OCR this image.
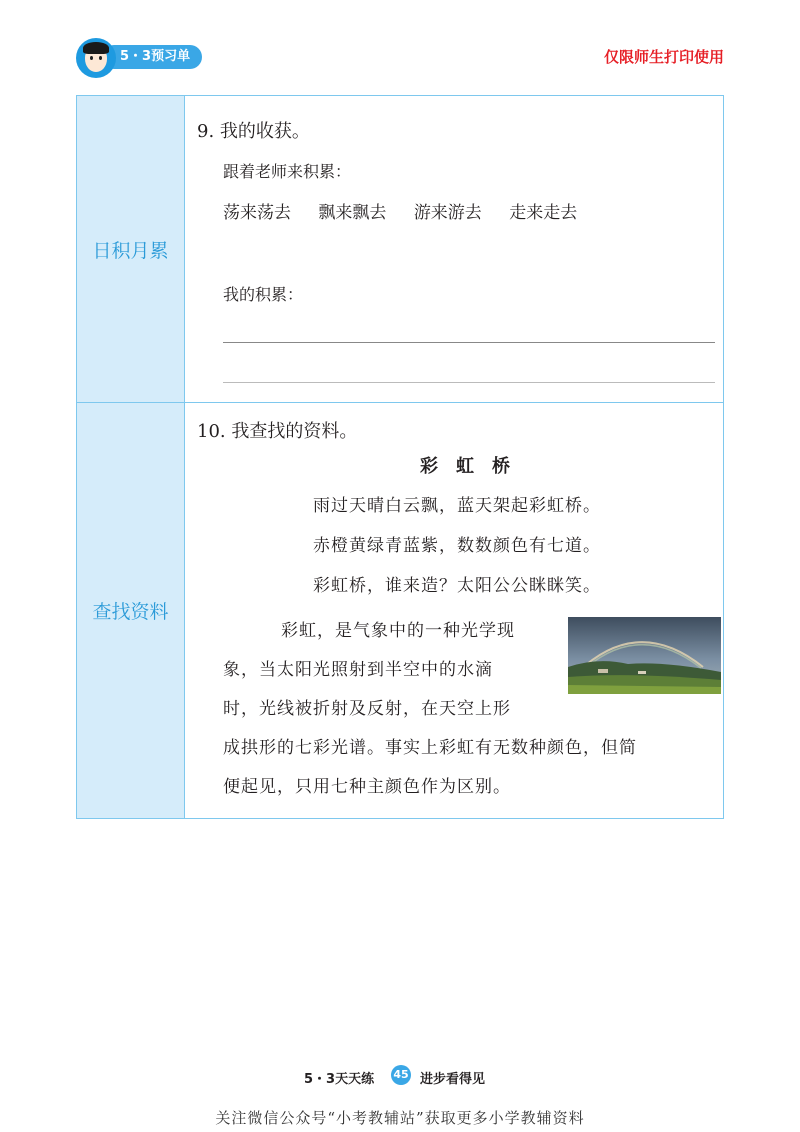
5・3预习单	仅限师生打印使用
日积月累
9. 我的收获。
跟着老师来积累：
荡来荡去 飘来飘去 游来游去 走来走去
我的积累：
查找资料
10. 我查找的资料。
彩虹桥
雨过天晴白云飘，蓝天架起彩虹桥。
赤橙黄绿青蓝紫，数数颜色有七道。
彩虹桥，谁来造？太阳公公眯眯笑。
彩虹，是气象中的一种光学现
象，当太阳光照射到半空中的水滴
时，光线被折射及反射，在天空上形
成拱形的七彩光谱。事实上彩虹有无数种颜色，但简
便起见，只用七种主颜色作为区别。
5・3天天练 45 进步看得见
关注微信公众号“小考教辅站”获取更多小学教辅资料
